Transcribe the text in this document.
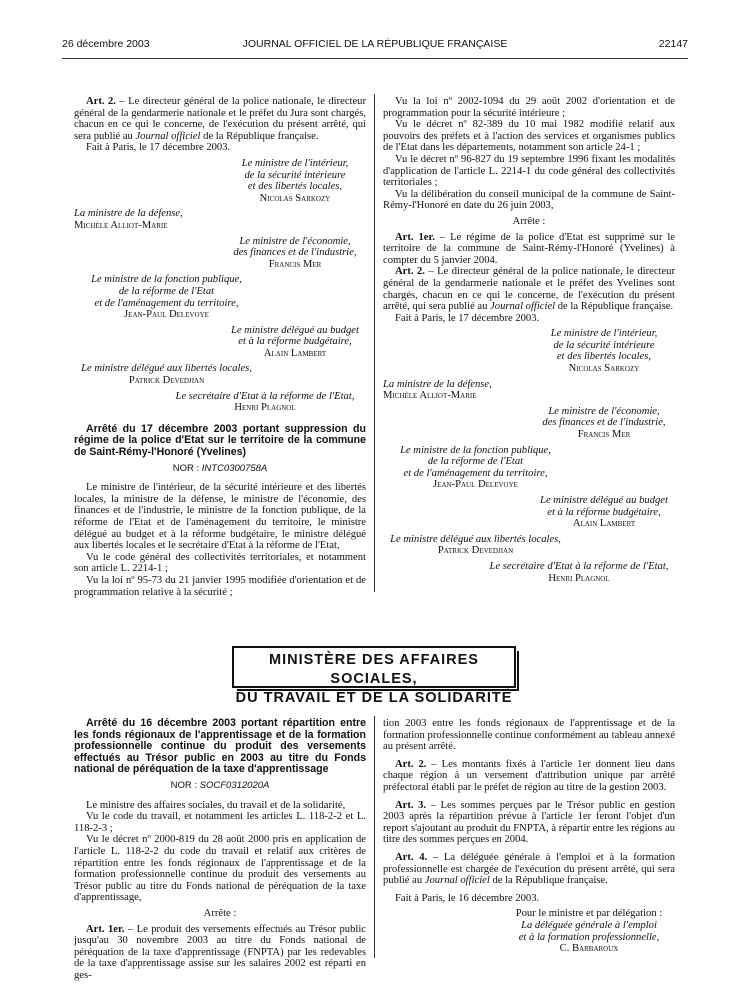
26 décembre 2003	JOURNAL OFFICIEL DE LA RÉPUBLIQUE FRANÇAISE	22147

Art. 2. – Le directeur général de la police nationale, le directeur général de la gendarmerie nationale et le préfet du Jura sont chargés, chacun en ce qui le concerne, de l'exécution du présent arrêté, qui sera publié au Journal officiel de la République française.

Fait à Paris, le 17 décembre 2003.

Le ministre de l'intérieur,
de la sécurité intérieure
et des libertés locales,
Nicolas Sarkozy
La ministre de la défense,
Michèle Alliot-Marie
Le ministre de l'économie,
des finances et de l'industrie,
Francis Mer
Le ministre de la fonction publique,
de la réforme de l'Etat
et de l'aménagement du territoire,
Jean-Paul Delevoye
Le ministre délégué au budget
et à la réforme budgétaire,
Alain Lambert
Le ministre délégué aux libertés locales,
Patrick Devedjian
Le secrétaire d'Etat à la réforme de l'Etat,
Henri Plagnol

Arrêté du 17 décembre 2003 portant suppression du régime de la police d'Etat sur le territoire de la commune de Saint-Rémy-l'Honoré (Yvelines)

NOR : INTC0300758A

Le ministre de l'intérieur, de la sécurité intérieure et des libertés locales, la ministre de la défense, le ministre de l'économie, des finances et de l'industrie, le ministre de la fonction publique, de la réforme de l'Etat et de l'aménagement du territoire, le ministre délégué au budget et à la réforme budgétaire, le ministre délégué aux libertés locales et le secrétaire d'Etat à la réforme de l'Etat,

Vu le code général des collectivités territoriales, et notamment son article L. 2214-1 ;

Vu la loi nº 95-73 du 21 janvier 1995 modifiée d'orientation et de programmation relative à la sécurité ;

Vu la loi nº 2002-1094 du 29 août 2002 d'orientation et de programmation pour la sécurité intérieure ;

Vu le décret nº 82-389 du 10 mai 1982 modifié relatif aux pouvoirs des préfets et à l'action des services et organismes publics de l'Etat dans les départements, notamment son article 24-1 ;

Vu le décret nº 96-827 du 19 septembre 1996 fixant les modalités d'application de l'article L. 2214-1 du code général des collectivités territoriales ;

Vu la délibération du conseil municipal de la commune de Saint-Rémy-l'Honoré en date du 26 juin 2003,

Arrête :

Art. 1er. – Le régime de la police d'Etat est supprimé sur le territoire de la commune de Saint-Rémy-l'Honoré (Yvelines) à compter du 5 janvier 2004.

Art. 2. – Le directeur général de la police nationale, le directeur général de la gendarmerie nationale et le préfet des Yvelines sont chargés, chacun en ce qui le concerne, de l'exécution du présent arrêté, qui sera publié au Journal officiel de la République française.

Fait à Paris, le 17 décembre 2003.

Le ministre de l'intérieur,
de la sécurité intérieure
et des libertés locales,
Nicolas Sarkozy
La ministre de la défense,
Michèle Alliot-Marie
Le ministre de l'économie,
des finances et de l'industrie,
Francis Mer
Le ministre de la fonction publique,
de la réforme de l'Etat
et de l'aménagement du territoire,
Jean-Paul Delevoye
Le ministre délégué au budget
et à la réforme budgétaire,
Alain Lambert
Le ministre délégué aux libertés locales,
Patrick Devedjian
Le secrétaire d'Etat à la réforme de l'Etat,
Henri Plagnol
MINISTÈRE DES AFFAIRES SOCIALES,
DU TRAVAIL ET DE LA SOLIDARITÉ

Arrêté du 16 décembre 2003 portant répartition entre les fonds régionaux de l'apprentissage et de la formation professionnelle continue du produit des versements effectués au Trésor public en 2003 au titre du Fonds national de péréquation de la taxe d'apprentissage

NOR : SOCF0312020A

Le ministre des affaires sociales, du travail et de la solidarité,

Vu le code du travail, et notamment les articles L. 118-2-2 et L. 118-2-3 ;

Vu le décret nº 2000-819 du 28 août 2000 pris en application de l'article L. 118-2-2 du code du travail et relatif aux critères de répartition entre les fonds régionaux de l'apprentissage et de la formation professionnelle continue du produit des versements au Trésor public au titre du Fonds national de péréquation de la taxe d'apprentissage,

Arrête :

Art. 1er. – Le produit des versements effectués au Trésor public jusqu'au 30 novembre 2003 au titre du Fonds national de péréquation de la taxe d'apprentissage (FNPTA) par les redevables de la taxe d'apprentissage assise sur les salaires 2002 est réparti en ges-

tion 2003 entre les fonds régionaux de l'apprentissage et de la formation professionnelle continue conformément au tableau annexé au présent arrêté.

Art. 2. – Les montants fixés à l'article 1er donnent lieu dans chaque région à un versement d'attribution unique par arrêté préfectoral établi par le préfet de région au titre de la gestion 2003.

Art. 3. – Les sommes perçues par le Trésor public en gestion 2003 après la répartition prévue à l'article 1er feront l'objet d'un report s'ajoutant au produit du FNPTA, à répartir entre les régions au titre des sommes perçues en 2004.

Art. 4. – La déléguée générale à l'emploi et à la formation professionnelle est chargée de l'exécution du présent arrêté, qui sera publié au Journal officiel de la République française.

Fait à Paris, le 16 décembre 2003.

Pour le ministre et par délégation :
La déléguée générale à l'emploi
et à la formation professionnelle,
C. Barbaroux
